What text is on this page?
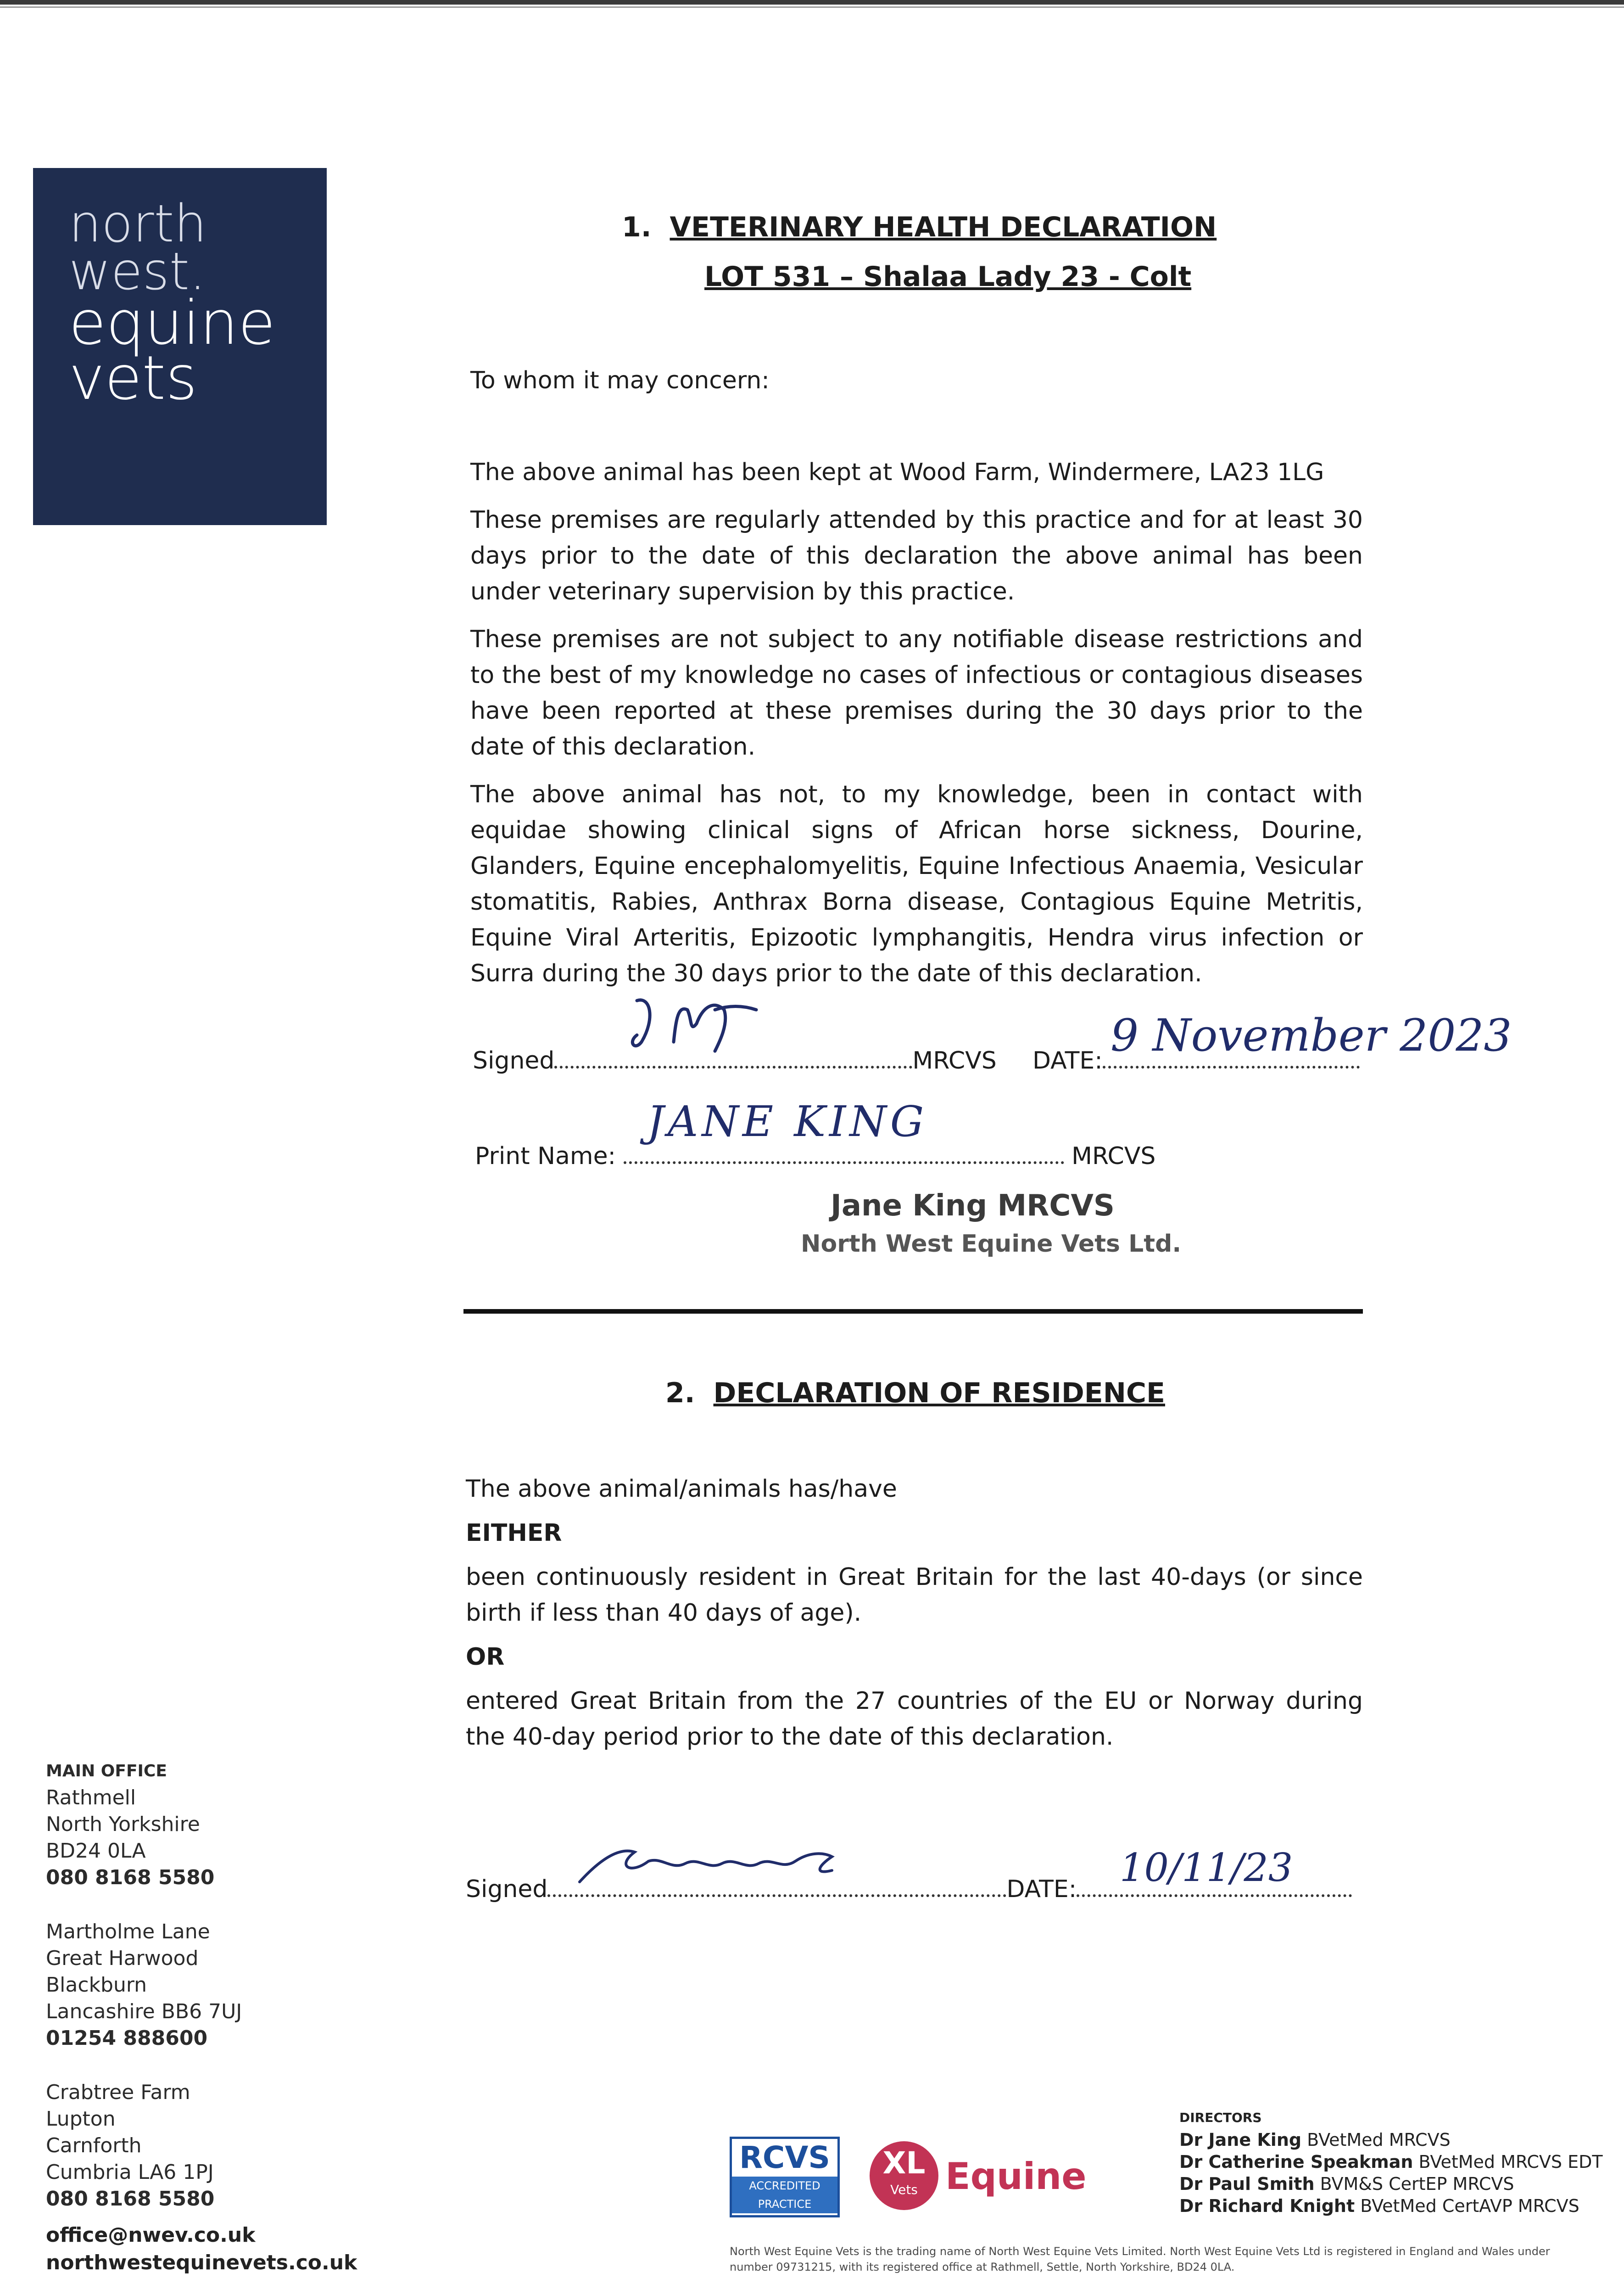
north
west.
equine
vets
1. VETERINARY HEALTH DECLARATION
LOT 531 – Shalaa Lady 23 - Colt
To whom it may concern:

The above animal has been kept at Wood Farm, Windermere, LA23 1LG

These premises are regularly attended by this practice and for at least 30 days prior to the date of this declaration the above animal has been under veterinary supervision by this practice.

These premises are not subject to any notifiable disease restrictions and to the best of my knowledge no cases of infectious or contagious diseases have been reported at these premises during the 30 days prior to the date of this declaration.

The above animal has not, to my knowledge, been in contact with equidae showing clinical signs of African horse sickness, Dourine, Glanders, Equine encephalomyelitis, Equine Infectious Anaemia, Vesicular stomatitis, Rabies, Anthrax Borna disease, Contagious Equine Metritis, Equine Viral Arteritis, Epizootic lymphangitis, Hendra virus infection or Surra during the 30 days prior to the date of this declaration.

Signed	MRCVS DATE: 9 November 2023
Print Name:	MRCVS
JANE KING
Jane King MRCVS
North West Equine Vets Ltd.
2. DECLARATION OF RESIDENCE

The above animal/animals has/have

EITHER

been continuously resident in Great Britain for the last 40-days (or since birth if less than 40 days of age).

OR

entered Great Britain from the 27 countries of the EU or Norway during the 40-day period prior to the date of this declaration.

Signed	DATE:	10/11/23
MAIN OFFICE
Rathmell
North Yorkshire
BD24 0LA
080 8168 5580
Martholme Lane
Great Harwood
Blackburn
Lancashire BB6 7UJ
01254 888600
Crabtree Farm
Lupton
Carnforth
Cumbria LA6 1PJ
080 8168 5580
office@nwev.co.uk
northwestequinevets.co.uk
RCVS
ACCREDITED
PRACTICE
XL
Vets Equine
DIRECTORS
Dr Jane King BVetMed MRCVS
Dr Catherine Speakman BVetMed MRCVS EDT
Dr Paul Smith BVM&S CertEP MRCVS
Dr Richard Knight BVetMed CertAVP MRCVS
North West Equine Vets is the trading name of North West Equine Vets Limited. North West Equine Vets Ltd is registered in England and Wales under number 09731215, with its registered office at Rathmell, Settle, North Yorkshire, BD24 0LA.
